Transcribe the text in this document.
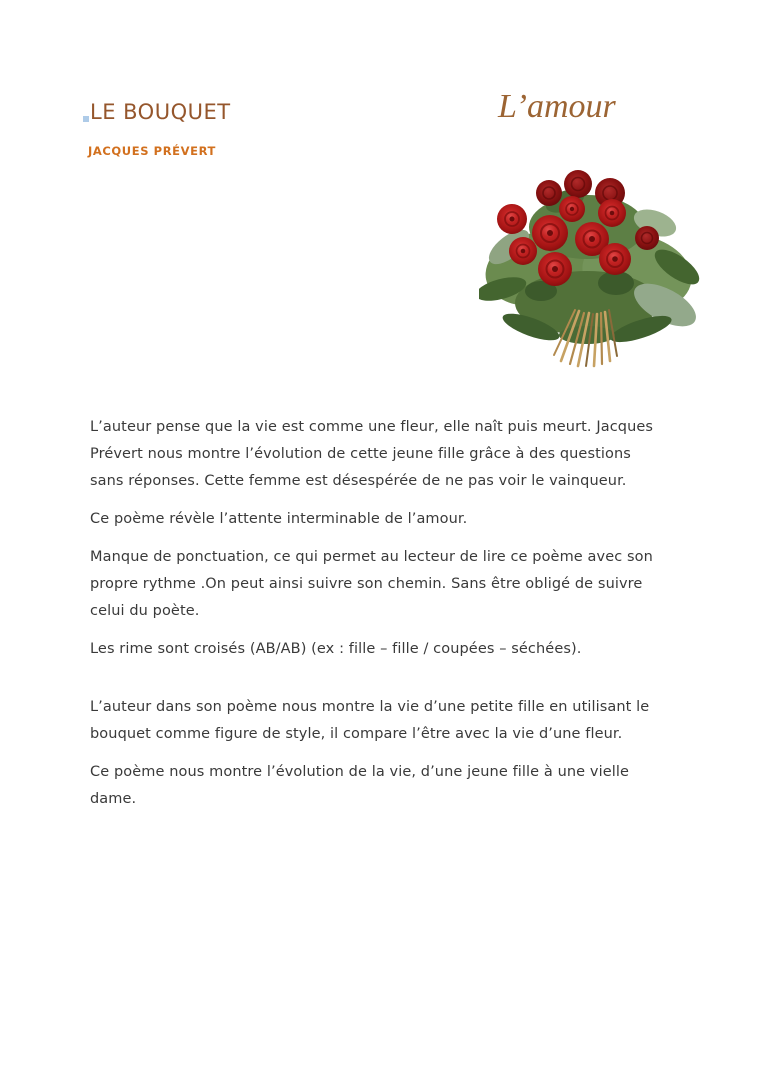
LE BOUQUET
JACQUES PRÉVERT
L’amour

L’auteur pense que la vie est comme une fleur, elle naît puis meurt. Jacques Prévert nous montre l’évolution de cette jeune fille grâce à des questions sans réponses. Cette femme est désespérée de ne pas voir le vainqueur.

Ce poème révèle l’attente interminable de l’amour.

Manque de ponctuation, ce qui permet au lecteur de lire ce poème avec son propre rythme .On peut ainsi suivre son chemin. Sans être obligé de suivre celui du poète.

Les rime sont croisés (AB/AB) (ex : fille – fille / coupées – séchées).

L’auteur dans son poème nous montre la vie d’une petite fille en utilisant le bouquet comme figure de style, il compare l’être avec la vie d’une fleur.

Ce poème nous montre l’évolution de la vie, d’une jeune fille à une vielle dame.
